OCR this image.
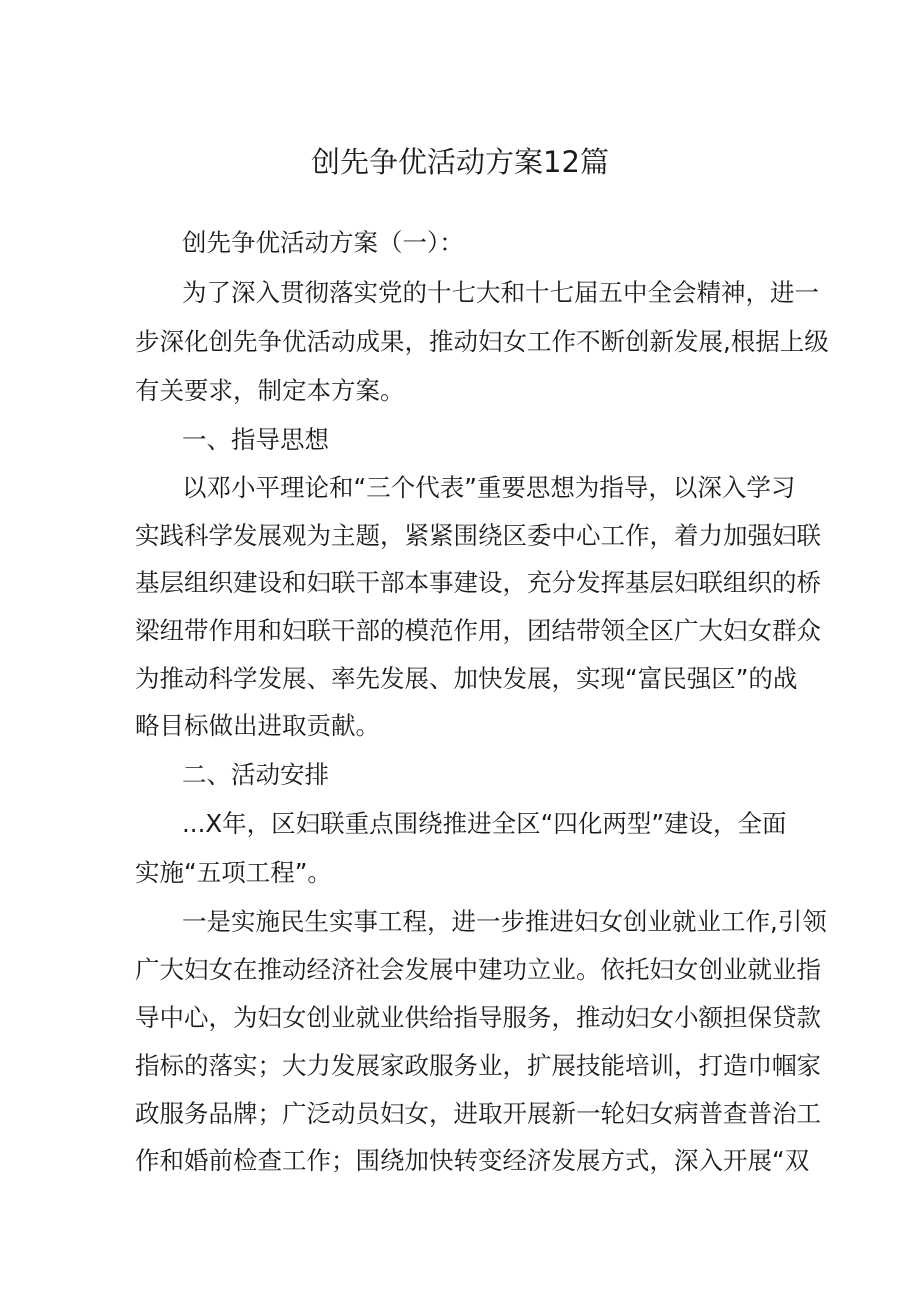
创先争优活动方案12篇
创先争优活动方案（一）：
为了深入贯彻落实党的十七大和十七届五中全会精神，进一
步深化创先争优活动成果，推动妇女工作不断创新发展,根据上级
有关要求，制定本方案。
一、指导思想
以邓小平理论和“三个代表”重要思想为指导，以深入学习
实践科学发展观为主题，紧紧围绕区委中心工作，着力加强妇联
基层组织建设和妇联干部本事建设，充分发挥基层妇联组织的桥
梁纽带作用和妇联干部的模范作用，团结带领全区广大妇女群众
为推动科学发展、率先发展、加快发展，实现“富民强区”的战
略目标做出进取贡献。
二、活动安排
...X年，区妇联重点围绕推进全区“四化两型”建设，全面
实施“五项工程”。
一是实施民生实事工程，进一步推进妇女创业就业工作,引领
广大妇女在推动经济社会发展中建功立业。依托妇女创业就业指
导中心，为妇女创业就业供给指导服务，推动妇女小额担保贷款
指标的落实；大力发展家政服务业，扩展技能培训，打造巾帼家
政服务品牌；广泛动员妇女，进取开展新一轮妇女病普查普治工
作和婚前检查工作；围绕加快转变经济发展方式，深入开展“双
